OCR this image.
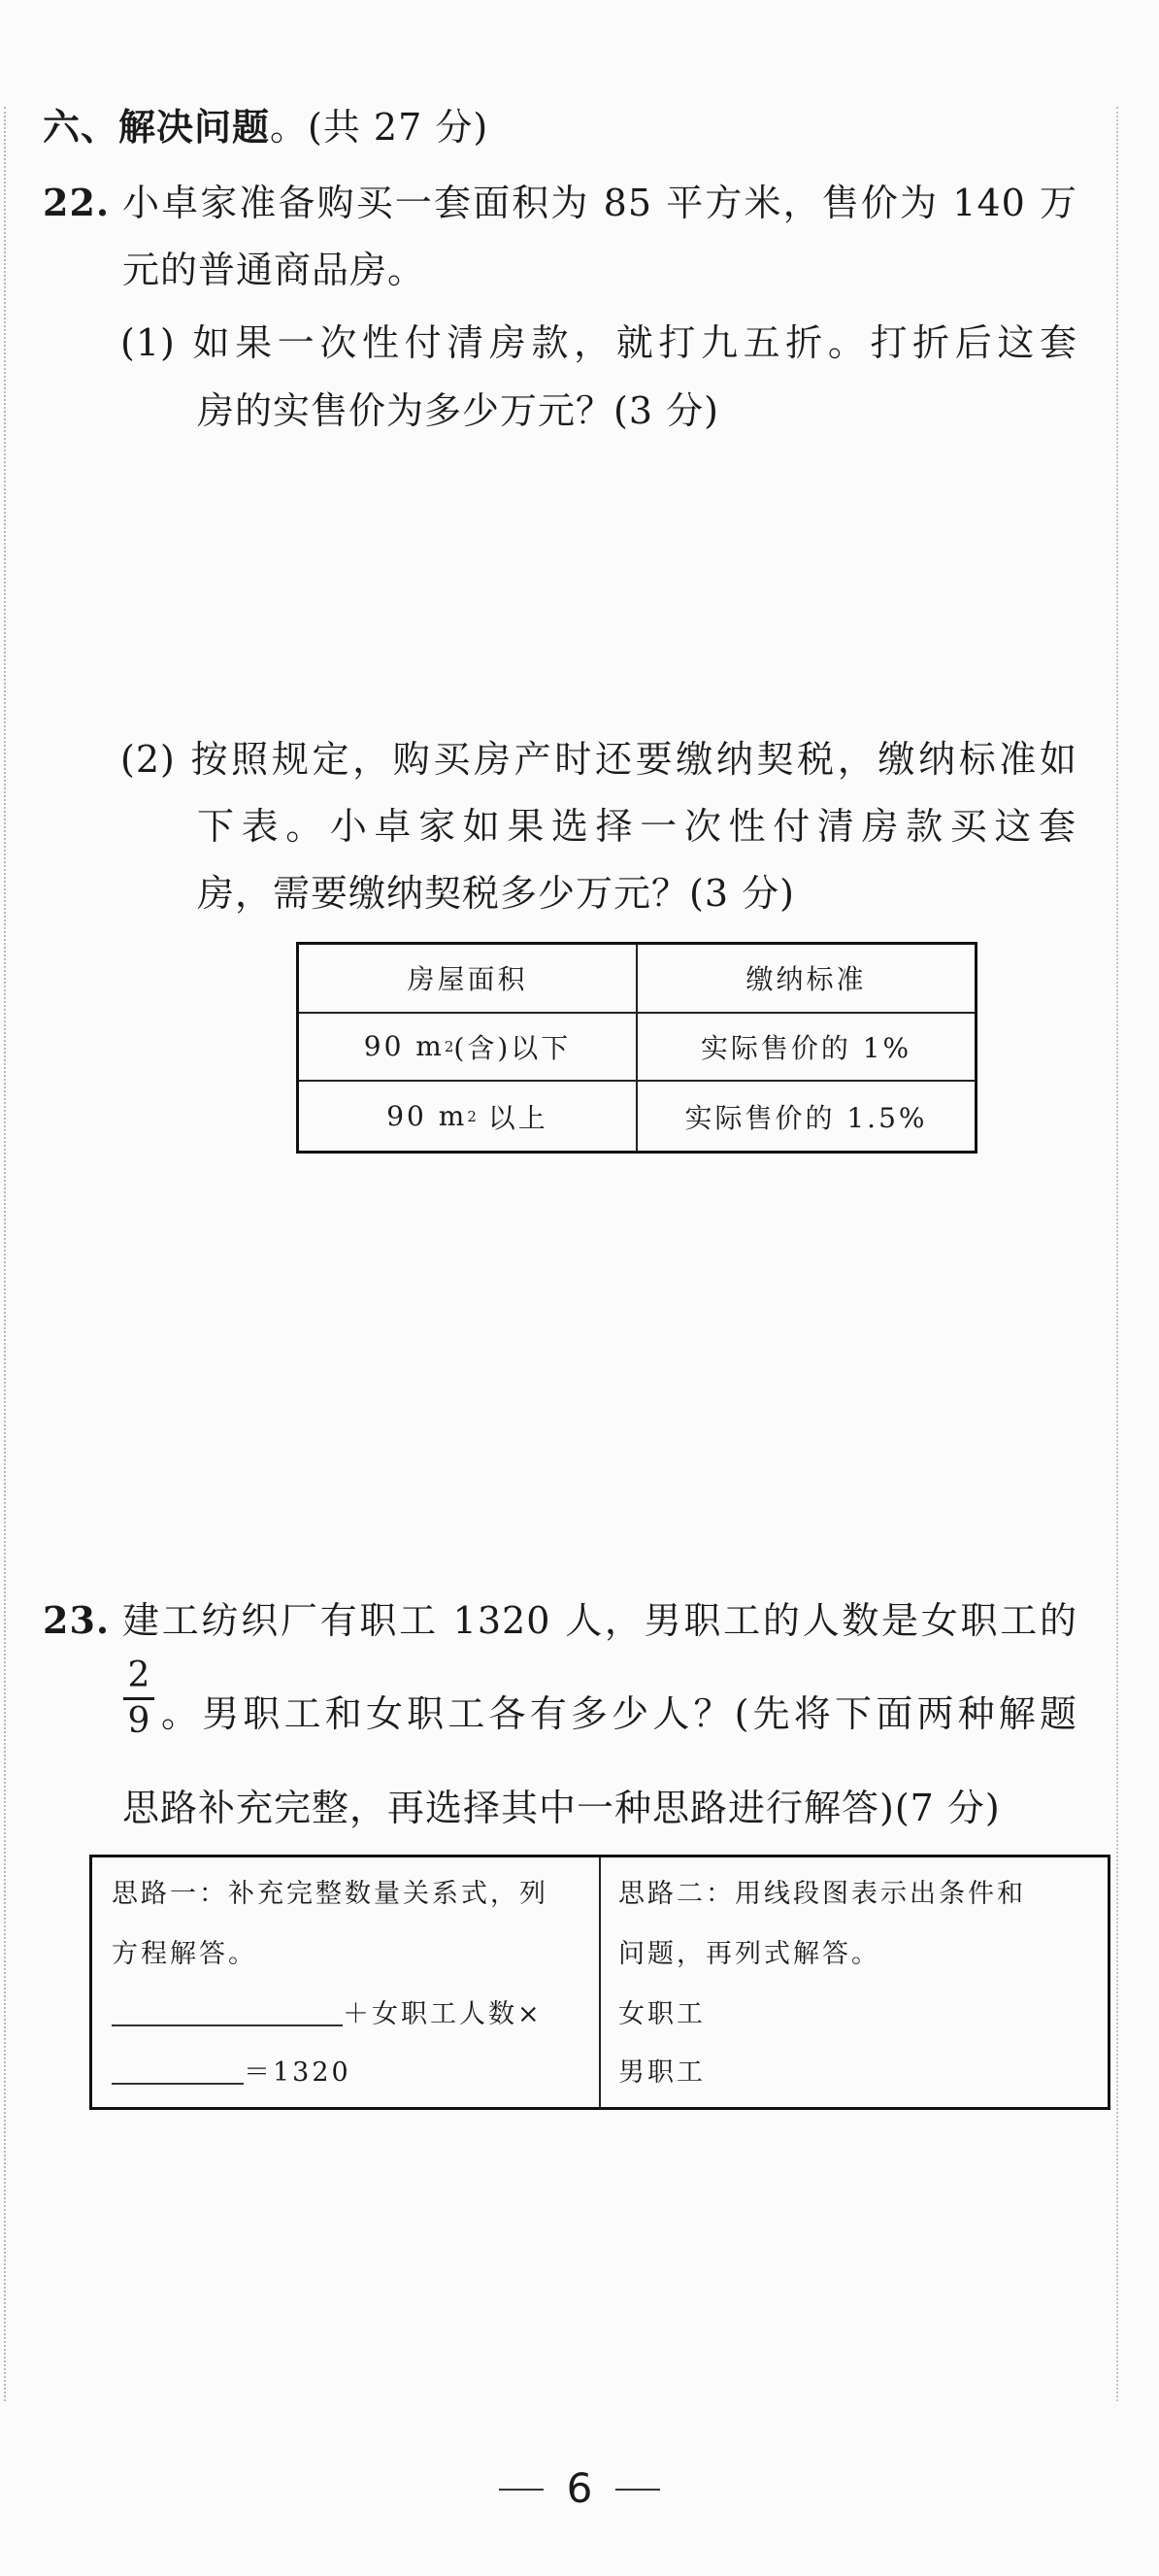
六、解决问题。(共 27 分)
22. 小卓家准备购买一套面积为 85 平方米，售价为 140 万
元的普通商品房。
(1) 如果一次性付清房款，就打九五折。打折后这套
房的实售价为多少万元？(3 分)
(2) 按照规定，购买房产时还要缴纳契税，缴纳标准如
下表。小卓家如果选择一次性付清房款买这套
房，需要缴纳契税多少万元？(3 分)
房屋面积	缴纳标准
90 m 2 (含)以下	实际售价的 1%
90 m 2 以上	实际售价的 1.5%
23. 建工纺织厂有职工 1320 人，男职工的人数是女职工的
2
9 。男职工和女职工各有多少人？(先将下面两种解题
思路补充完整，再选择其中一种思路进行解答)(7 分)
思路一：补充完整数量关系式，列
方程解答。
＋女职工人数×
＝1320
思路二：用线段图表示出条件和
问题，再列式解答。
女职工
男职工
6
